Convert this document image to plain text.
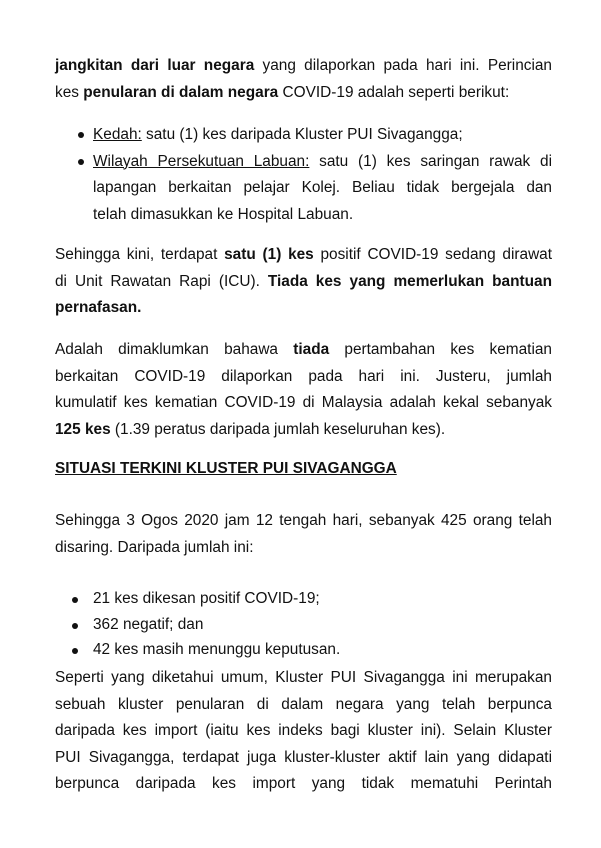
jangkitan dari luar negara yang dilaporkan pada hari ini. Perincian
kes penularan di dalam negara COVID-19 adalah seperti berikut:

Kedah: satu (1) kes daripada Kluster PUI Sivagangga;
Wilayah Persekutuan Labuan: satu (1) kes saringan rawak di
lapangan berkaitan pelajar Kolej. Beliau tidak bergejala dan
telah dimasukkan ke Hospital Labuan.

Sehingga kini, terdapat satu (1) kes positif COVID-19 sedang dirawat
di Unit Rawatan Rapi (ICU). Tiada kes yang memerlukan bantuan
pernafasan.

Adalah dimaklumkan bahawa tiada pertambahan kes kematian
berkaitan COVID-19 dilaporkan pada hari ini. Justeru, jumlah
kumulatif kes kematian COVID-19 di Malaysia adalah kekal sebanyak
125 kes (1.39 peratus daripada jumlah keseluruhan kes).

SITUASI TERKINI KLUSTER PUI SIVAGANGGA

Sehingga 3 Ogos 2020 jam 12 tengah hari, sebanyak 425 orang telah
disaring. Daripada jumlah ini:

21 kes dikesan positif COVID-19;
362 negatif; dan
42 kes masih menunggu keputusan.

Seperti yang diketahui umum, Kluster PUI Sivagangga ini merupakan
sebuah kluster penularan di dalam negara yang telah berpunca
daripada kes import (iaitu kes indeks bagi kluster ini). Selain Kluster
PUI Sivagangga, terdapat juga kluster-kluster aktif lain yang didapati
berpunca daripada kes import yang tidak mematuhi Perintah
